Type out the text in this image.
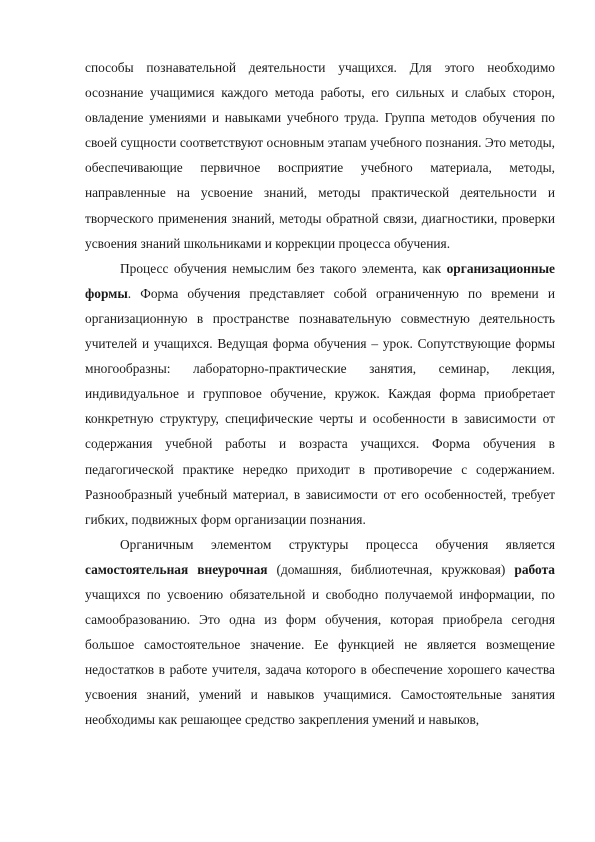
способы познавательной деятельности учащихся. Для этого необходимо осознание учащимися каждого метода работы, его сильных и слабых сторон, овладение умениями и навыками учебного труда. Группа методов обучения по своей сущности соответствуют основным этапам учебного познания. Это методы, обеспечивающие первичное восприятие учебного материала, методы, направленные на усвоение знаний, методы практической деятельности и творческого применения знаний, методы обратной связи, диагностики, проверки усвоения знаний школьниками и коррекции процесса обучения.

Процесс обучения немыслим без такого элемента, как организационные формы. Форма обучения представляет собой ограниченную по времени и организационную в пространстве познавательную совместную деятельность учителей и учащихся. Ведущая форма обучения – урок. Сопутствующие формы многообразны: лабораторно-практические занятия, семинар, лекция, индивидуальное и групповое обучение, кружок. Каждая форма приобретает конкретную структуру, специфические черты и особенности в зависимости от содержания учебной работы и возраста учащихся. Форма обучения в педагогической практике нередко приходит в противоречие с содержанием. Разнообразный учебный материал, в зависимости от его особенностей, требует гибких, подвижных форм организации познания.

Органичным элементом структуры процесса обучения является самостоятельная внеурочная (домашняя, библиотечная, кружковая) работа учащихся по усвоению обязательной и свободно получаемой информации, по самообразованию. Это одна из форм обучения, которая приобрела сегодня большое самостоятельное значение. Ее функцией не является возмещение недостатков в работе учителя, задача которого в обеспечение хорошего качества усвоения знаний, умений и навыков учащимися. Самостоятельные занятия необходимы как решающее средство закрепления умений и навыков,
